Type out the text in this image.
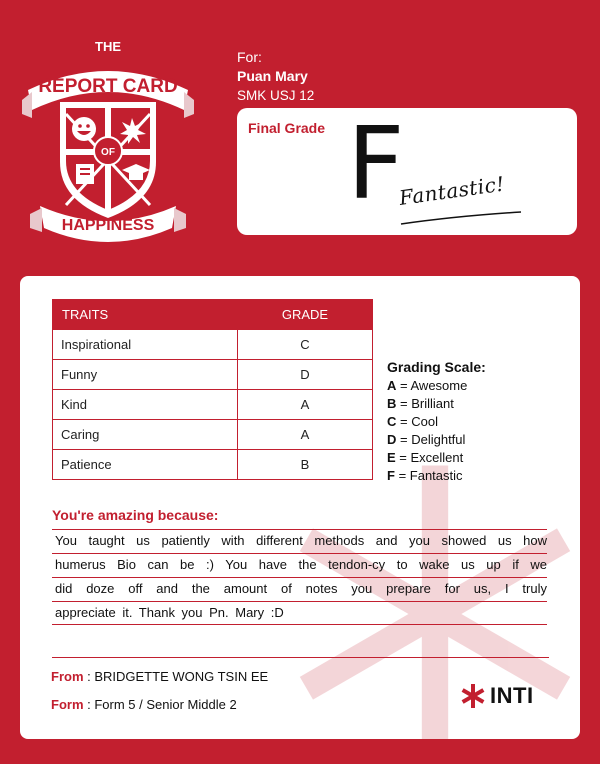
THE
REPORT CARD
OF
HAPPINESS
For:
Puan Mary
SMK USJ 12
Final Grade F
Fantastic!
TRAITS	GRADE
Inspirational	C
Funny	D
Kind	A
Caring	A
Patience	B
Grading Scale:
A = Awesome
B = Brilliant
C = Cool
D = Delightful
E = Excellent
F = Fantastic
You're amazing because:
You taught us patiently with different methods and you showed us how
humerus Bio can be :) You have the tendon-cy to wake us up if we
did doze off and the amount of notes you prepare for us, I truly
appreciate it. Thank you Pn. Mary :D
From : BRIDGETTE WONG TSIN EE
Form : Form 5 / Senior Middle 2	INTI
